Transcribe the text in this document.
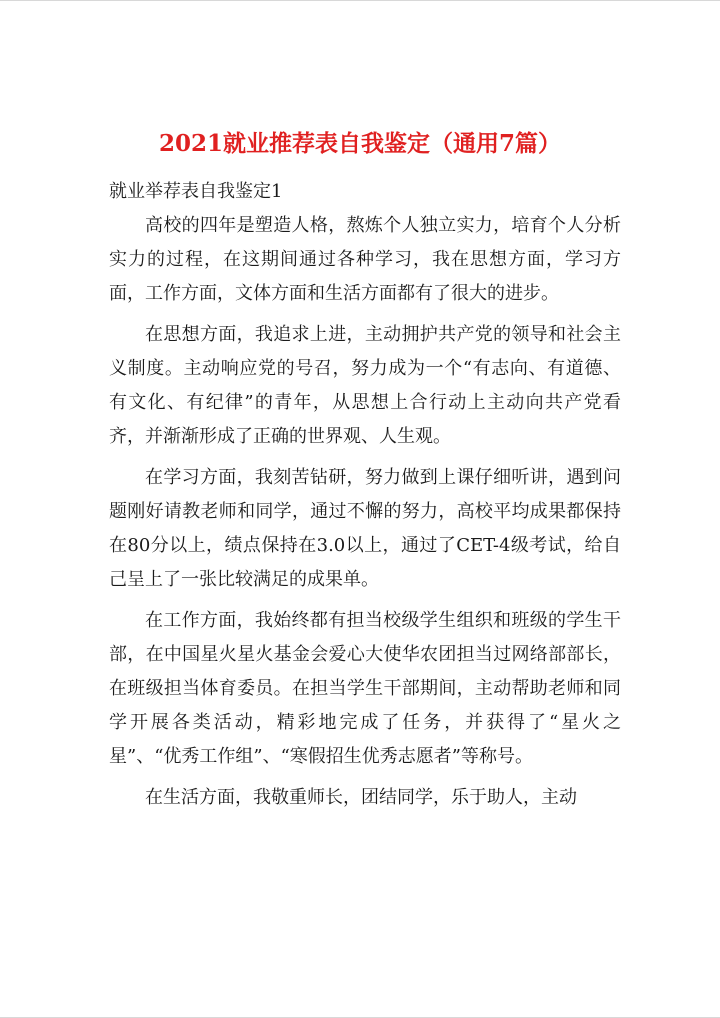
2021就业推荐表自我鉴定（通用7篇）

就业举荐表自我鉴定1

高校的四年是塑造人格，熬炼个人独立实力，培育个人分析实力的过程，在这期间通过各种学习，我在思想方面，学习方面，工作方面，文体方面和生活方面都有了很大的进步。

在思想方面，我追求上进，主动拥护共产党的领导和社会主义制度。主动响应党的号召，努力成为一个“有志向、有道德、有文化、有纪律”的青年，从思想上合行动上主动向共产党看齐，并渐渐形成了正确的世界观、人生观。

在学习方面，我刻苦钻研，努力做到上课仔细听讲，遇到问题刚好请教老师和同学，通过不懈的努力，高校平均成果都保持在80分以上，绩点保持在3.0以上，通过了CET-4级考试，给自己呈上了一张比较满足的成果单。

在工作方面，我始终都有担当校级学生组织和班级的学生干部，在中国星火星火基金会爱心大使华农团担当过网络部部长，在班级担当体育委员。在担当学生干部期间，主动帮助老师和同学开展各类活动，精彩地完成了任务，并获得了“星火之星”、“优秀工作组”、“寒假招生优秀志愿者”等称号。

在生活方面，我敬重师长，团结同学，乐于助人，主动
